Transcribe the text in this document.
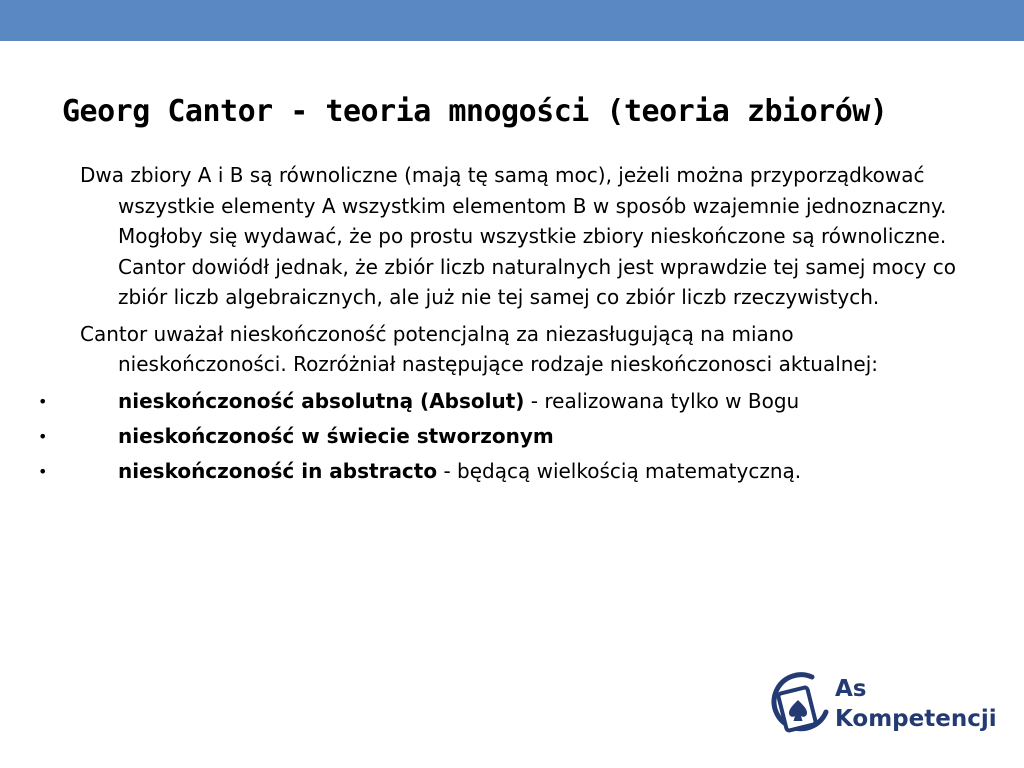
Georg Cantor - teoria mnogości (teoria zbiorów)

Dwa zbiory A i B są równoliczne (mają tę samą moc), jeżeli można przyporządkować wszystkie elementy A wszystkim elementom B w sposób wzajemnie jednoznaczny. Mogłoby się wydawać, że po prostu wszystkie zbiory nieskończone są równoliczne. Cantor dowiódł jednak, że zbiór liczb naturalnych jest wprawdzie tej samej mocy co zbiór liczb algebraicznych, ale już nie tej samej co zbiór liczb rzeczywistych.

Cantor uważał nieskończoność potencjalną za niezasługującą na miano nieskończoności. Rozróżniał następujące rodzaje nieskończonosci aktualnej:

•	nieskończoność absolutną (Absolut) - realizowana tylko w Bogu
•	nieskończoność w świecie stworzonym
•	nieskończoność in abstracto - będącą wielkością matematyczną.
As
Kompetencji
